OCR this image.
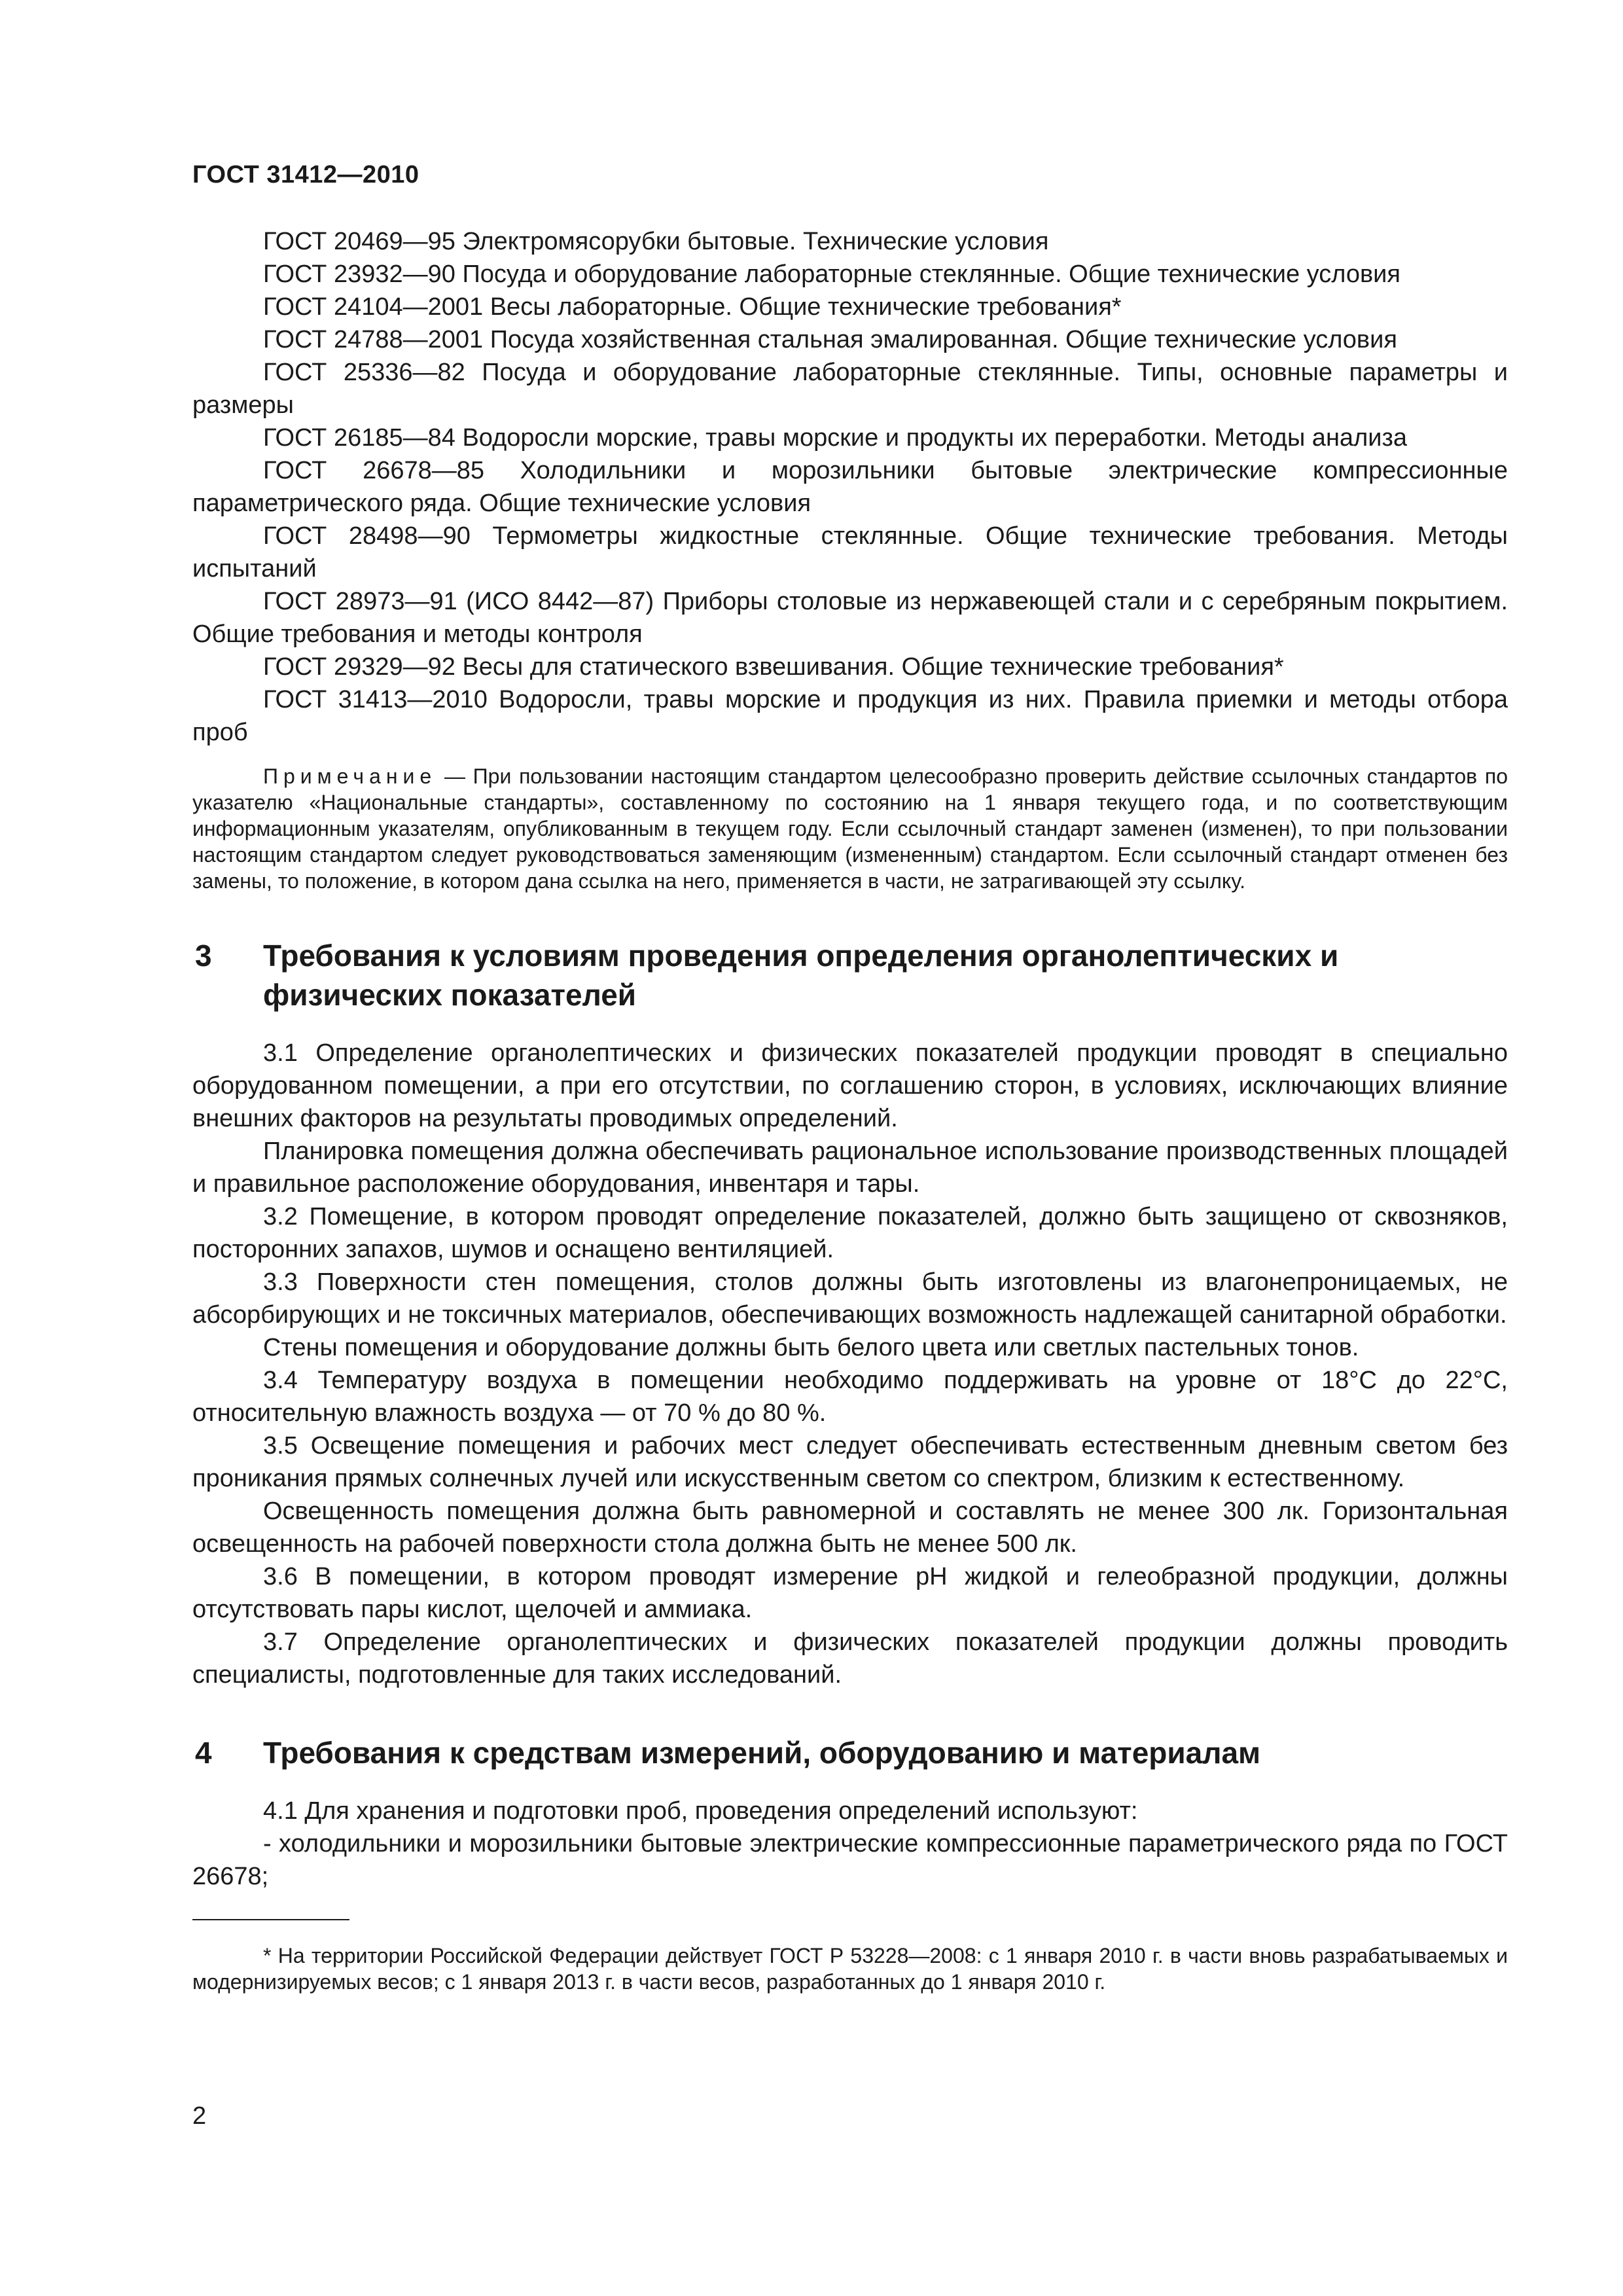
ГОСТ 31412—2010

ГОСТ 20469—95 Электромясорубки бытовые. Технические условия

ГОСТ 23932—90 Посуда и оборудование лабораторные стеклянные. Общие технические условия

ГОСТ 24104—2001 Весы лабораторные. Общие технические требования*

ГОСТ 24788—2001 Посуда хозяйственная стальная эмалированная. Общие технические условия

ГОСТ 25336—82 Посуда и оборудование лабораторные стеклянные. Типы, основные параметры и размеры

ГОСТ 26185—84 Водоросли морские, травы морские и продукты их переработки. Методы анализа

ГОСТ 26678—85 Холодильники и морозильники бытовые электрические компрессионные параметрического ряда. Общие технические условия

ГОСТ 28498—90 Термометры жидкостные стеклянные. Общие технические требования. Методы испытаний

ГОСТ 28973—91 (ИСО 8442—87) Приборы столовые из нержавеющей стали и с серебряным покрытием. Общие требования и методы контроля

ГОСТ 29329—92 Весы для статического взвешивания. Общие технические требования*

ГОСТ 31413—2010 Водоросли, травы морские и продукция из них. Правила приемки и методы отбора проб

Примечание — При пользовании настоящим стандартом целесообразно проверить действие ссылочных стандартов по указателю «Национальные стандарты», составленному по состоянию на 1 января текущего года, и по соответствующим информационным указателям, опубликованным в текущем году. Если ссылочный стандарт заменен (изменен), то при пользовании настоящим стандартом следует руководствоваться заменяющим (измененным) стандартом. Если ссылочный стандарт отменен без замены, то положение, в котором дана ссылка на него, применяется в части, не затрагивающей эту ссылку.

3 Требования к условиям проведения определения органолептических и физических показателей

3.1 Определение органолептических и физических показателей продукции проводят в специально оборудованном помещении, а при его отсутствии, по соглашению сторон, в условиях, исключающих влияние внешних факторов на результаты проводимых определений.

Планировка помещения должна обеспечивать рациональное использование производственных площадей и правильное расположение оборудования, инвентаря и тары.

3.2 Помещение, в котором проводят определение показателей, должно быть защищено от сквозняков, посторонних запахов, шумов и оснащено вентиляцией.

3.3 Поверхности стен помещения, столов должны быть изготовлены из влагонепроницаемых, не абсорбирующих и не токсичных материалов, обеспечивающих возможность надлежащей санитарной обработки.

Стены помещения и оборудование должны быть белого цвета или светлых пастельных тонов.

3.4 Температуру воздуха в помещении необходимо поддерживать на уровне от 18°С до 22°С, относительную влажность воздуха — от 70 % до 80 %.

3.5 Освещение помещения и рабочих мест следует обеспечивать естественным дневным светом без проникания прямых солнечных лучей или искусственным светом со спектром, близким к естественному.

Освещенность помещения должна быть равномерной и составлять не менее 300 лк. Горизонтальная освещенность на рабочей поверхности стола должна быть не менее 500 лк.

3.6 В помещении, в котором проводят измерение рН жидкой и гелеобразной продукции, должны отсутствовать пары кислот, щелочей и аммиака.

3.7 Определение органолептических и физических показателей продукции должны проводить специалисты, подготовленные для таких исследований.

4 Требования к средствам измерений, оборудованию и материалам

4.1 Для хранения и подготовки проб, проведения определений используют:

- холодильники и морозильники бытовые электрические компрессионные параметрического ряда по ГОСТ 26678;

* На территории Российской Федерации действует ГОСТ Р 53228—2008: с 1 января 2010 г. в части вновь разрабатываемых и модернизируемых весов; с 1 января 2013 г. в части весов, разработанных до 1 января 2010 г.

2
